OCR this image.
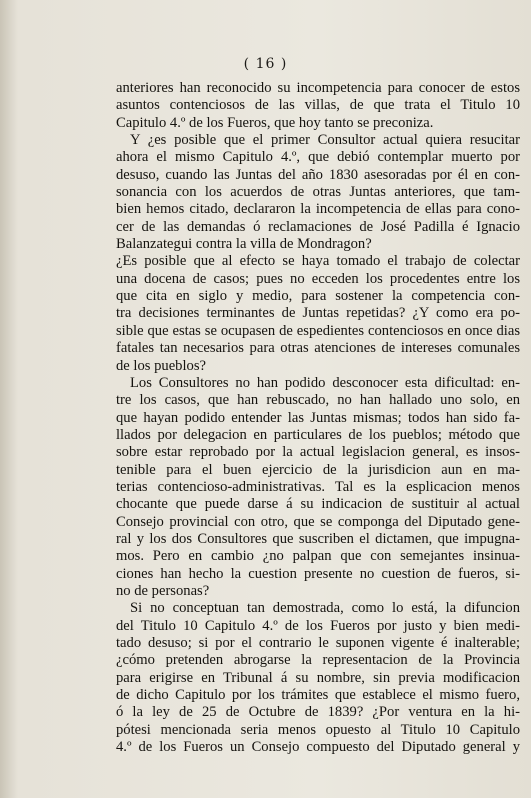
( 16 )
anteriores han reconocido su incompetencia para conocer de estos
asuntos contenciosos de las villas, de que trata el Titulo 10
Capitulo 4.º de los Fueros, que hoy tanto se preconiza.
Y ¿es posible que el primer Consultor actual quiera resucitar
ahora el mismo Capitulo 4.º, que debió contemplar muerto por
desuso, cuando las Juntas del año 1830 asesoradas por él en con-
sonancia con los acuerdos de otras Juntas anteriores, que tam-
bien hemos citado, declararon la incompetencia de ellas para cono-
cer de las demandas ó reclamaciones de José Padilla é Ignacio
Balanzategui contra la villa de Mondragon?
¿Es posible que al efecto se haya tomado el trabajo de colectar
una docena de casos; pues no ecceden los procedentes entre los
que cita en siglo y medio, para sostener la competencia con-
tra decisiones terminantes de Juntas repetidas? ¿Y como era po-
sible que estas se ocupasen de espedientes contenciosos en once dias
fatales tan necesarios para otras atenciones de intereses comunales
de los pueblos?
Los Consultores no han podido desconocer esta dificultad: en-
tre los casos, que han rebuscado, no han hallado uno solo, en
que hayan podido entender las Juntas mismas; todos han sido fa-
llados por delegacion en particulares de los pueblos; método que
sobre estar reprobado por la actual legislacion general, es insos-
tenible para el buen ejercicio de la jurisdicion aun en ma-
terias contencioso-administrativas. Tal es la esplicacion menos
chocante que puede darse á su indicacion de sustituir al actual
Consejo provincial con otro, que se componga del Diputado gene-
ral y los dos Consultores que suscriben el dictamen, que impugna-
mos. Pero en cambio ¿no palpan que con semejantes insinua-
ciones han hecho la cuestion presente no cuestion de fueros, si-
no de personas?
Si no conceptuan tan demostrada, como lo está, la difuncion
del Titulo 10 Capitulo 4.º de los Fueros por justo y bien medi-
tado desuso; si por el contrario le suponen vigente é inalterable;
¿cómo pretenden abrogarse la representacion de la Provincia
para erigirse en Tribunal á su nombre, sin previa modificacion
de dicho Capitulo por los trámites que establece el mismo fuero,
ó la ley de 25 de Octubre de 1839? ¿Por ventura en la hi-
pótesi mencionada seria menos opuesto al Titulo 10 Capitulo
4.º de los Fueros un Consejo compuesto del Diputado general y
